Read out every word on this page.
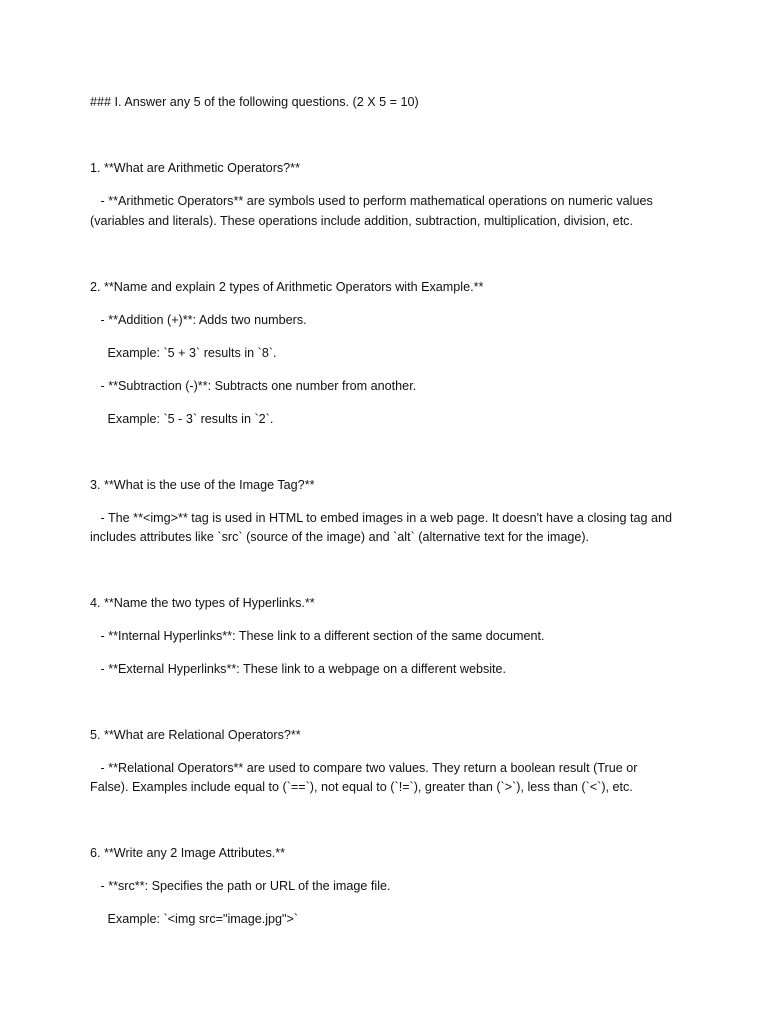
### I. Answer any 5 of the following questions. (2 X 5 = 10)

1. **What are Arithmetic Operators?**

- **Arithmetic Operators** are symbols used to perform mathematical operations on numeric values

(variables and literals). These operations include addition, subtraction, multiplication, division, etc.

2. **Name and explain 2 types of Arithmetic Operators with Example.**

- **Addition (+)**: Adds two numbers.

Example: `5 + 3` results in `8`.

- **Subtraction (-)**: Subtracts one number from another.

Example: `5 - 3` results in `2`.

3. **What is the use of the Image Tag?**

- The **<img>** tag is used in HTML to embed images in a web page. It doesn't have a closing tag and

includes attributes like `src` (source of the image) and `alt` (alternative text for the image).

4. **Name the two types of Hyperlinks.**

- **Internal Hyperlinks**: These link to a different section of the same document.

- **External Hyperlinks**: These link to a webpage on a different website.

5. **What are Relational Operators?**

- **Relational Operators** are used to compare two values. They return a boolean result (True or

False). Examples include equal to (`==`), not equal to (`!=`), greater than (`>`), less than (`<`), etc.

6. **Write any 2 Image Attributes.**

- **src**: Specifies the path or URL of the image file.

Example: `<img src="image.jpg">`
